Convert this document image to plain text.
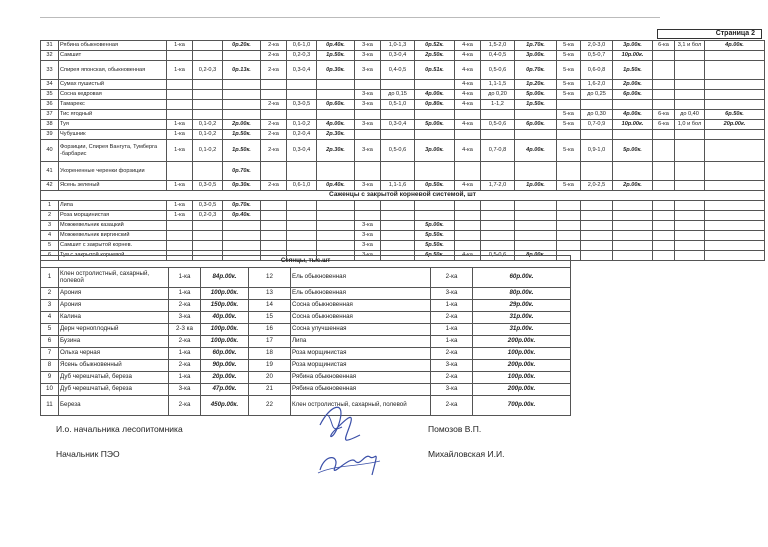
Страница 2
31	Рябина обыкновенная	1-ка		0р.20к.	2-ка	0,6-1,0	0р.40к.	3-ка	1,0-1,3	0р.52к.	4-ка	1,5-2,0	1р.70к.	5-ка	2,0-3,0	3р.00к.	6-ка	3,1 и бол	4р.00к.
32	Самшит				2-ка	0,2-0,3	1р.50к.	3-ка	0,3-0,4	2р.50к.	4-ка	0,4-0,5	3р.00к.	5-ка	0,5-0,7	10р.00к.			
33	Спирея японская, обыкновенная	1-ка	0,2-0,3	0р.13к.	2-ка	0,3-0,4	0р.30к.	3-ка	0,4-0,5	0р.51к.	4-ка	0,5-0,6	0р.70к.	5-ка	0,6-0,8	1р.50к.			
34	Сумах пушистый										4-ка	1,1-1,5	1р.20к.	5-ка	1,6-2,0	2р.00к.			
35	Сосна кедровая							3-ка	до 0,15	4р.00к.	4-ка	до 0,20	5р.00к.	5-ка	до 0,25	6р.00к.			
36	Тамарекс				2-ка	0,3-0,5	0р.60к.	3-ка	0,5-1,0	0р.80к.	4-ка	1-1,2	1р.50к.						
37	Тис ягодный													5-ка	до 0,30	4р.00к.	6-ка	до 0,40	6р.50к.
38	Туя	1-ка	0,1-0,2	2р.00к.	2-ка	0,1-0,2	4р.00к.	3-ка	0,3-0,4	5р.00к.	4-ка	0,5-0,6	6р.00к.	5-ка	0,7-0,9	10р.00к.	6-ка	1,0 и бол	20р.00к.
39	Чубушник	1-ка	0,1-0,2	1р.50к.	2-ка	0,2-0,4	2р.30к.												
40	Форзиции, Спирея Вангута, Тумберга -барбарис	1-ка	0,1-0,2	1р.50к.	2-ка	0,3-0,4	2р.30к.	3-ка	0,5-0,6	3р.00к.	4-ка	0,7-0,8	4р.00к.	5-ка	0,9-1,0	5р.00к.			
41	Укорененные черенки форзиции			0р.70к.															
42	Ясень зеленый	1-ка	0,3-0,5	0р.30к.	2-ка	0,6-1,0	0р.40к.	3-ка	1,1-1,6	0р.50к.	4-ка	1,7-2,0	1р.00к.	5-ка	2,0-2,5	2р.00к.			
Саженцы с закрытой корневой системой, шт																			
1	Липа	1-ка	0,3-0,5	0р.70к.															
2	Роза морщинистая	1-ка	0,2-0,3	0р.40к.															
3	Можжевельник казацкий							3-ка		5р.00к.									
4	Можжевельник виргинский							3-ка		5р.50к.									
5	Самшит с закрытой корнев.							3-ка		5р.50к.									
6	Туя с закрытой корневой							3-ка		6р.50к.	4-ка	0,5-0,6	8р.00к.						
Сеянцы, тыс.шт							
1	Клен остролистный, сахарный, полевой	1-ка	84р.00к.	12	Ель обыкновенная	2-ка	60р.00к.
2	Арония	1-ка	100р.00к.	13	Ель обыкновенная	3-ка	80р.00к.
3	Арония	2-ка	150р.00к.	14	Сосна обыкновенная	1-ка	29р.00к.
4	Калина	3-ка	40р.00к.	15	Сосна обыкновенная	2-ка	31р.00к.
5	Дерн черноплодный	2-3 ка	100р.00к.	16	Сосна улучшенная	1-ка	31р.00к.
6	Бузина	2-ка	100р.00к.	17	Липа	1-ка	200р.00к.
7	Ольха черная	1-ка	60р.00к.	18	Роза морщинистая	2-ка	100р.00к.
8	Ясень обыкновенный	2-ка	90р.00к.	19	Роза морщинистая	3-ка	200р.00к.
9	Дуб черешчатый, береза	1-ка	20р.00к.	20	Рябина обыкновенная	2-ка	100р.00к.
10	Дуб черешчатый, береза	3-ка	47р.00к.	21	Рябина обыкновенная	3-ка	200р.00к.
11	Береза	2-ка	450р.00к.	22	Клен остролистный, сахарный, полевой	2-ка	700р.00к.
И.о. начальника лесопитомника	Помозов В.П.
Начальник ПЭО	Михайловская И.И.
